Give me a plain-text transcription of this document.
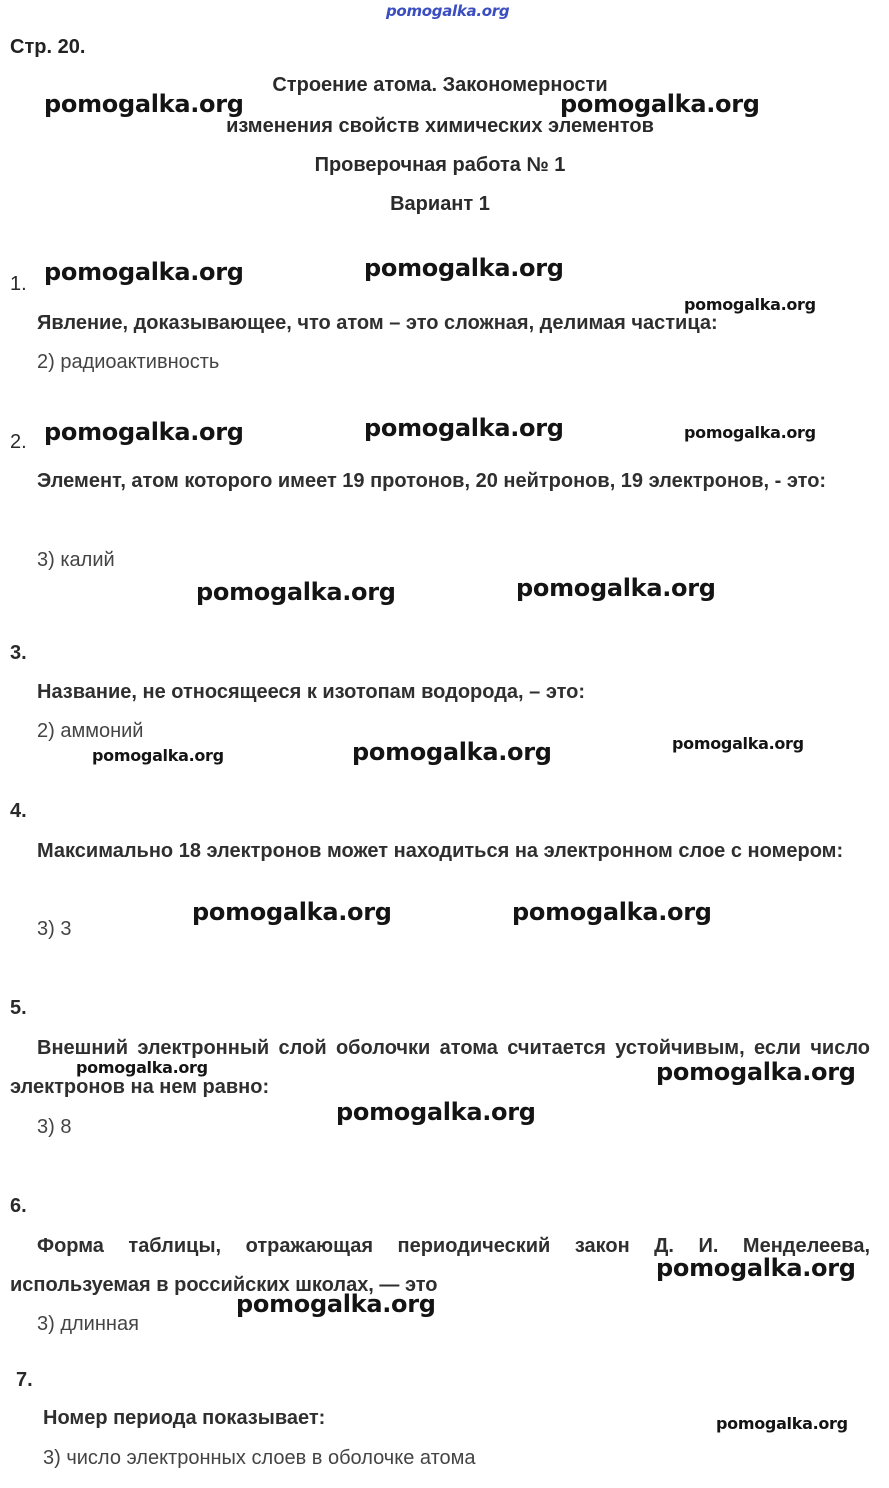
pomogalka.org
Стр. 20.
Строение атома. Закономерности
изменения свойств химических элементов
Проверочная работа № 1
Вариант 1
1.
Явление, доказывающее, что атом – это сложная, делимая частица:
2) радиоактивность
2.
Элемент, атом которого имеет 19 протонов, 20 нейтронов, 19 электронов, - это:
3) калий
3.
Название, не относящееся к изотопам водорода, – это:
2) аммоний
4.
Максимально 18 электронов может находиться на электронном слое с номером:
3) 3
5.
Внешний электронный слой оболочки атома считается устойчивым, если число электронов на нем равно:
3) 8
6.
Форма таблицы, отражающая периодический закон Д. И. Менделеева, используемая в российских школах, — это
3) длинная
7.
Номер периода показывает:
3) число электронных слоев в оболочке атома
pomogalka.org	pomogalka.org
pomogalka.org	pomogalka.org
pomogalka.org
pomogalka.org	pomogalka.org	pomogalka.org
pomogalka.org	pomogalka.org
pomogalka.org	pomogalka.org	pomogalka.org
pomogalka.org	pomogalka.org
pomogalka.org	pomogalka.org
pomogalka.org
pomogalka.org
pomogalka.org
pomogalka.org
